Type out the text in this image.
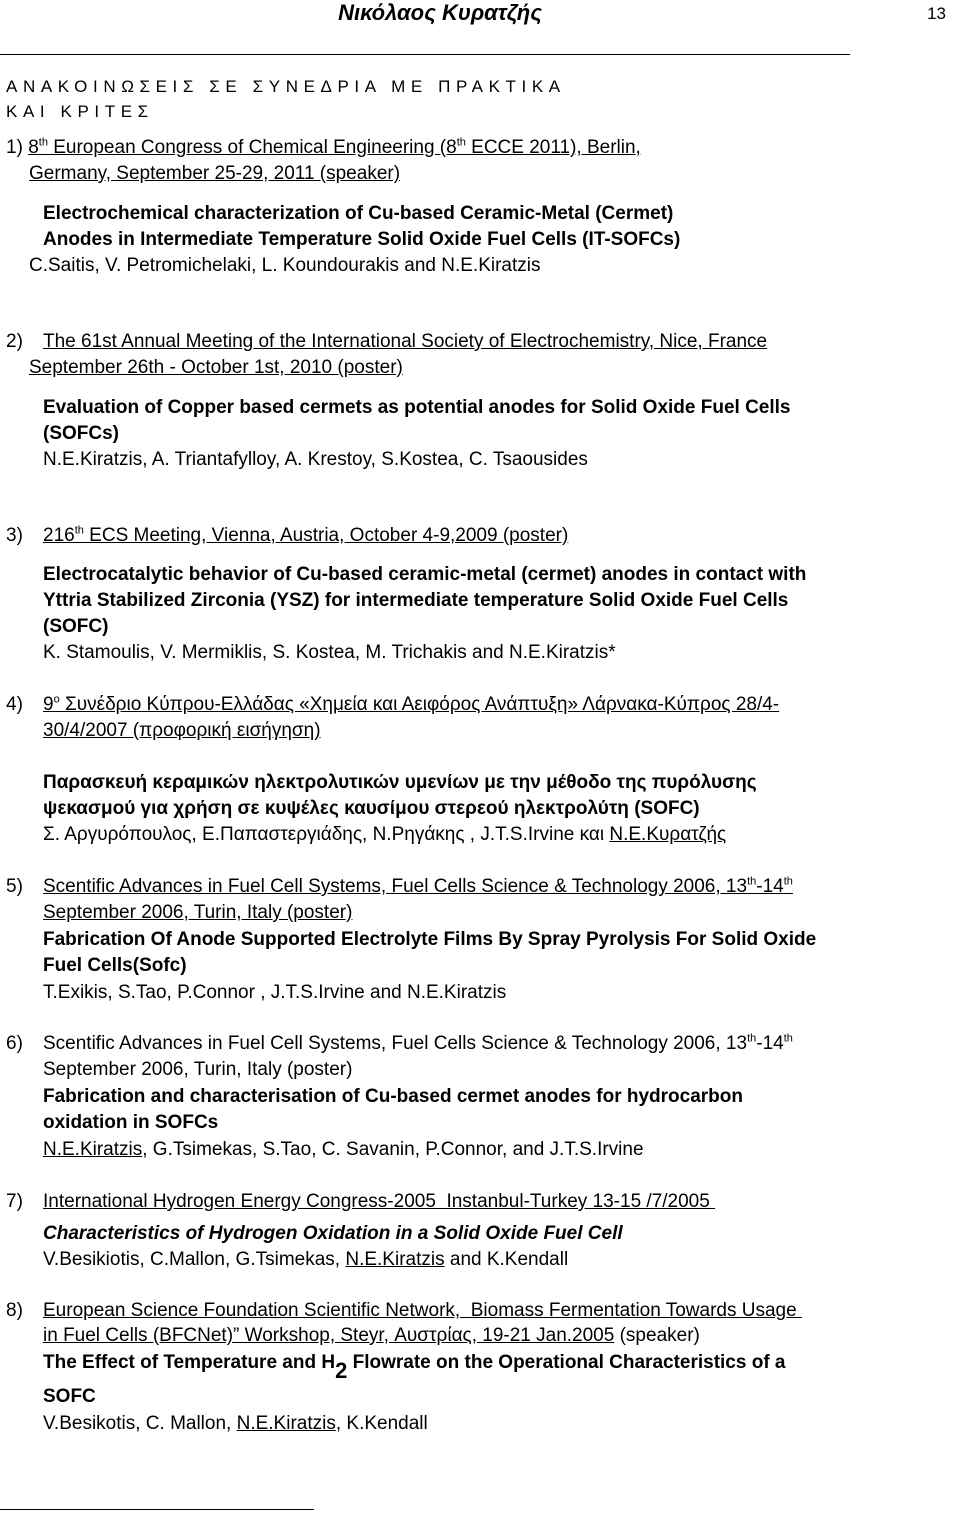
Νικόλαος Κυρατζής	13
ΑΝΑΚΟΙΝΩΣΕΙΣ ΣΕ ΣΥΝΕΔΡΙΑ ΜΕ ΠΡΑΚΤΙΚΑ
ΚΑΙ ΚΡΙΤΕΣ
1) 8th European Congress of Chemical Engineering (8th ECCE 2011), Berlin,
Germany, September 25-29, 2011 (speaker)
Electrochemical characterization of Cu-based Ceramic-Metal (Cermet)
Anodes in Intermediate Temperature Solid Oxide Fuel Cells (IT-SOFCs)
C.Saitis, V. Petromichelaki, L. Koundourakis and N.E.Kiratzis
2) The 61st Annual Meeting of the International Society of Electrochemistry, Nice, France
September 26th - October 1st, 2010 (poster)
Evaluation of Copper based cermets as potential anodes for Solid Oxide Fuel Cells
(SOFCs)
N.E.Kiratzis, A. Triantafylloy, A. Krestoy, S.Kostea, C. Tsaousides
3) 216th ECS Meeting, Vienna, Austria, October 4-9,2009 (poster)
Electrocatalytic behavior of Cu-based ceramic-metal (cermet) anodes in contact with
Yttria Stabilized Zirconia (YSZ) for intermediate temperature Solid Oxide Fuel Cells
(SOFC)
K. Stamoulis, V. Mermiklis, S. Kostea, M. Trichakis and N.E.Kiratzis*
4) $9^o$ Συνέδριο Κύπρου-Ελλάδας «Χημεία και Αειφόρος Ανάπτυξη» Λάρνακα-Κύπρος 28/4-
30/4/2007 (προφορική εισήγηση)
Παρασκευή κεραμικών ηλεκτρολυτικών υμενίων με την μέθοδο της πυρόλυσης
ψεκασμού για χρήση σε κυψέλες καυσίμου στερεού ηλεκτρολύτη (SOFC)
Σ. Αργυρόπουλος, Ε.Παπαστεργιάδης, Ν.Ρηγάκης , J.T.S.Irvine και Ν.Ε.Κυρατζής
5) Scentific Advances in Fuel Cell Systems, Fuel Cells Science & Technology 2006, 13th-14th
September 2006, Turin, Italy (poster)
Fabrication Of Anode Supported Electrolyte Films By Spray Pyrolysis For Solid Oxide
Fuel Cells(Sofc)
T.Exikis, S.Tao, P.Connor , J.T.S.Irvine and N.E.Kiratzis
6) Scentific Advances in Fuel Cell Systems, Fuel Cells Science & Technology 2006, 13th-14th
September 2006, Turin, Italy (poster)
Fabrication and characterisation of Cu-based cermet anodes for hydrocarbon
oxidation in SOFCs
N.E.Kiratzis, G.Tsimekas, S.Tao, C. Savanin, P.Connor, and J.T.S.Irvine
7) International Hydrogen Energy Congress-2005  Instanbul-Turkey 13-15 /7/2005
Characteristics of Hydrogen Oxidation in a Solid Oxide Fuel Cell
V.Besikiotis, C.Mallon, G.Tsimekas, N.E.Kiratzis and K.Kendall
8) European Science Foundation Scientific Network,  Biomass Fermentation Towards Usage
in Fuel Cells (BFCNet)” Workshop, Steyr, Αυστρίας, 19-21 Jan.2005 (speaker)
The Effect of Temperature and H2 Flowrate on the Operational Characteristics of a
SOFC
V.Besikotis, C. Mallon, N.E.Kiratzis, K.Kendall
